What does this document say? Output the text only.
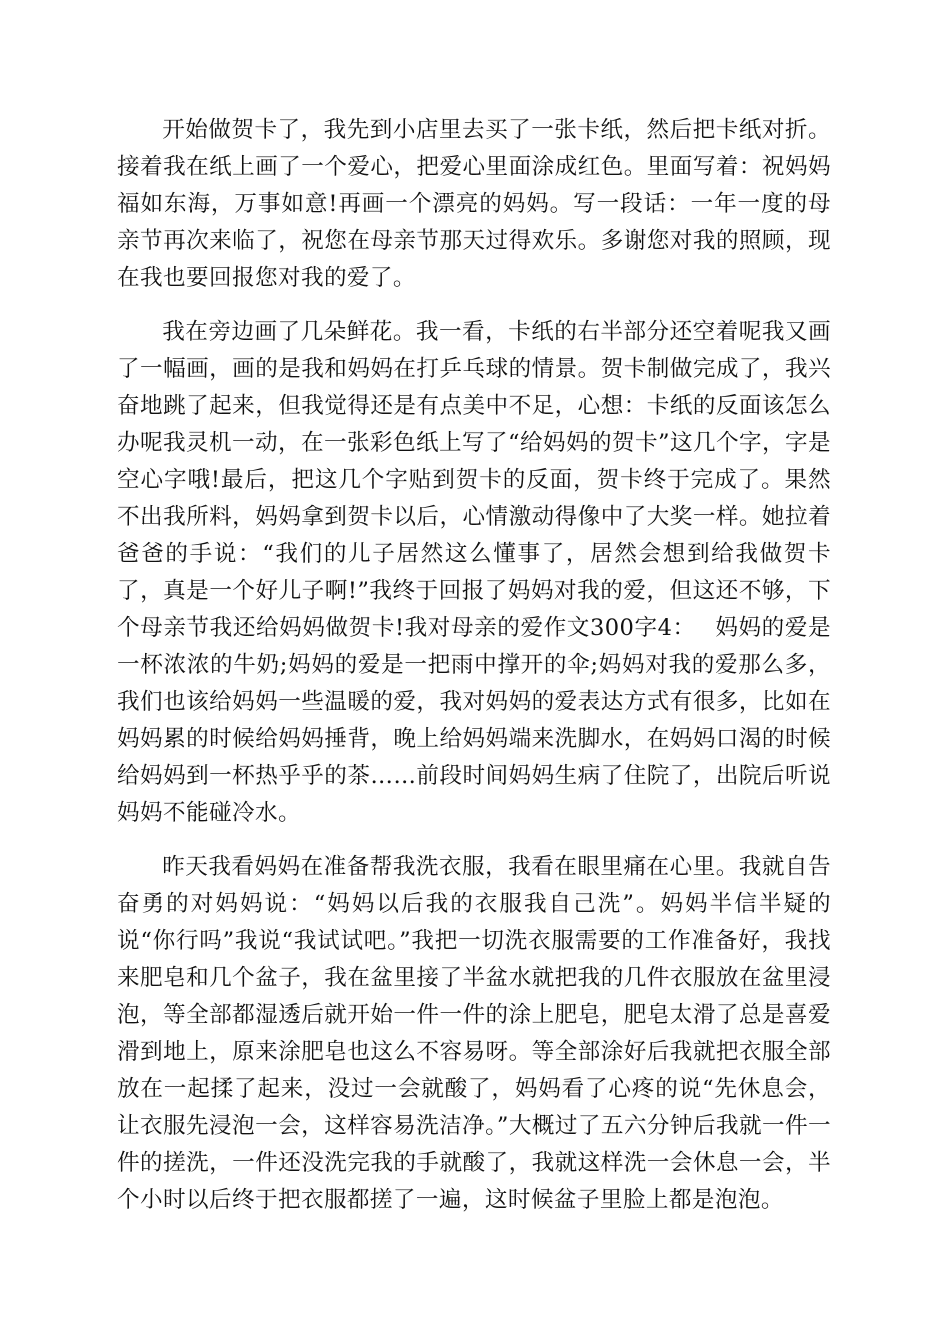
开始做贺卡了，我先到小店里去买了一张卡纸，然后把卡纸对折。接着我在纸上画了一个爱心，把爱心里面涂成红色。里面写着：祝妈妈福如东海，万事如意!再画一个漂亮的妈妈。写一段话：一年一度的母亲节再次来临了，祝您在母亲节那天过得欢乐。多谢您对我的照顾，现在我也要回报您对我的爱了。

我在旁边画了几朵鲜花。我一看，卡纸的右半部分还空着呢我又画了一幅画，画的是我和妈妈在打乒乓球的情景。贺卡制做完成了，我兴奋地跳了起来，但我觉得还是有点美中不足，心想：卡纸的反面该怎么办呢我灵机一动，在一张彩色纸上写了“给妈妈的贺卡”这几个字，字是空心字哦!最后，把这几个字贴到贺卡的反面，贺卡终于完成了。果然不出我所料，妈妈拿到贺卡以后，心情激动得像中了大奖一样。她拉着爸爸的手说：“我们的儿子居然这么懂事了，居然会想到给我做贺卡了，真是一个好儿子啊!”我终于回报了妈妈对我的爱，但这还不够，下个母亲节我还给妈妈做贺卡!我对母亲的爱作文300字4：　 妈妈的爱是一杯浓浓的牛奶;妈妈的爱是一把雨中撑开的伞;妈妈对我的爱那么多，我们也该给妈妈一些温暖的爱，我对妈妈的爱表达方式有很多，比如在妈妈累的时候给妈妈捶背，晚上给妈妈端来洗脚水，在妈妈口渴的时候给妈妈到一杯热乎乎的茶……前段时间妈妈生病了住院了，出院后听说妈妈不能碰冷水。

昨天我看妈妈在准备帮我洗衣服，我看在眼里痛在心里。我就自告奋勇的对妈妈说：“妈妈以后我的衣服我自己洗”。妈妈半信半疑的说“你行吗”我说“我试试吧。”我把一切洗衣服需要的工作准备好，我找来肥皂和几个盆子，我在盆里接了半盆水就把我的几件衣服放在盆里浸泡，等全部都湿透后就开始一件一件的涂上肥皂，肥皂太滑了总是喜爱滑到地上，原来涂肥皂也这么不容易呀。等全部涂好后我就把衣服全部放在一起揉了起来，没过一会就酸了，妈妈看了心疼的说“先休息会，让衣服先浸泡一会，这样容易洗洁净。”大概过了五六分钟后我就一件一件的搓洗，一件还没洗完我的手就酸了，我就这样洗一会休息一会，半个小时以后终于把衣服都搓了一遍，这时候盆子里脸上都是泡泡。
